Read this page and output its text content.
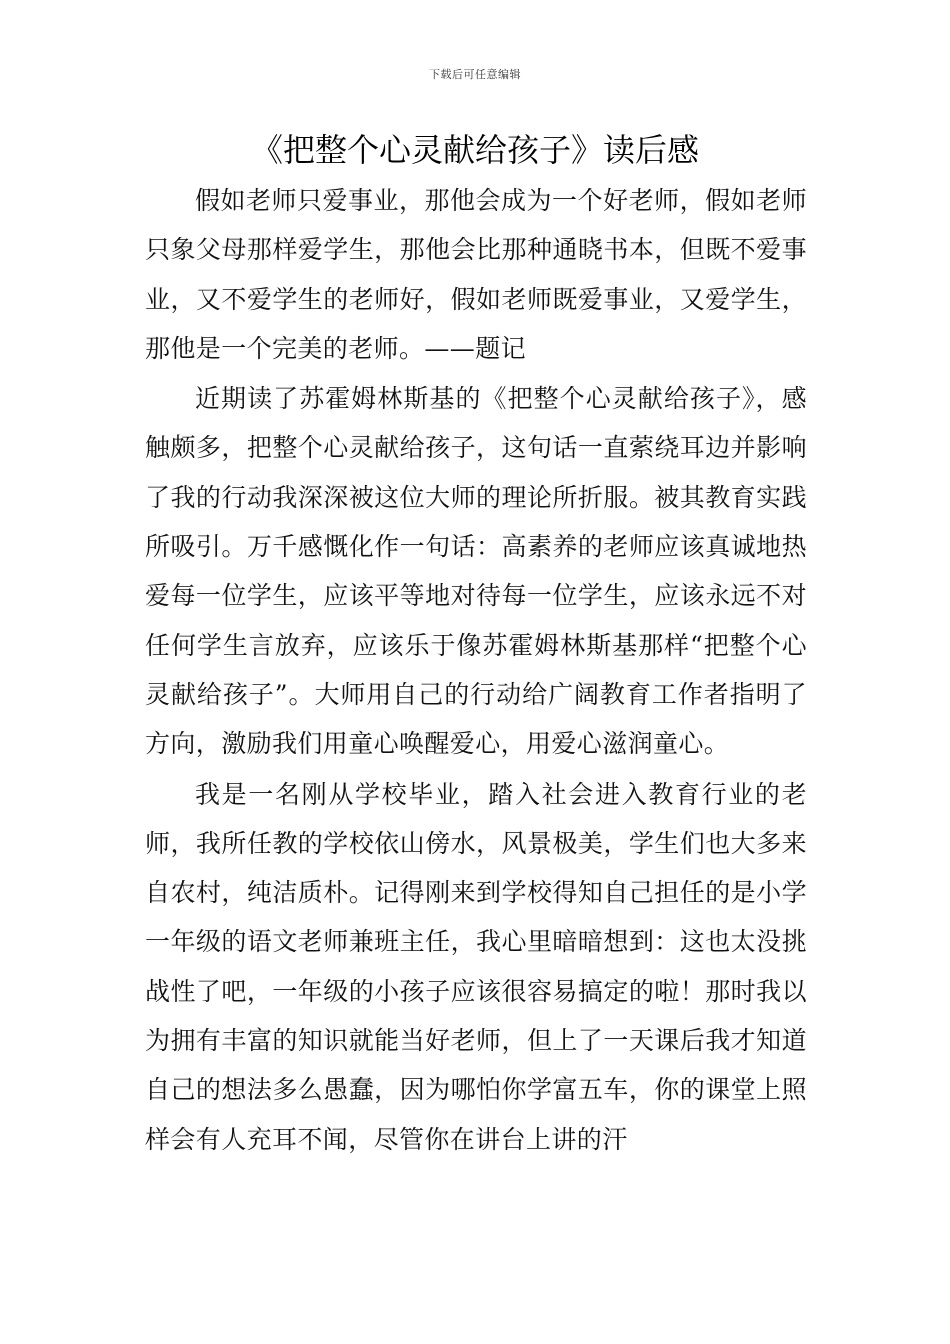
下载后可任意编辑
《把整个心灵献给孩子》读后感

假如老师只爱事业，那他会成为一个好老师，假如老师只象父母那样爱学生，那他会比那种通晓书本，但既不爱事业，又不爱学生的老师好，假如老师既爱事业，又爱学生，那他是一个完美的老师。——题记

近期读了苏霍姆林斯基的《把整个心灵献给孩子》，感触颇多，把整个心灵献给孩子，这句话一直萦绕耳边并影响了我的行动我深深被这位大师的理论所折服。被其教育实践所吸引。万千感慨化作一句话：高素养的老师应该真诚地热爱每一位学生，应该平等地对待每一位学生，应该永远不对任何学生言放弃，应该乐于像苏霍姆林斯基那样“把整个心灵献给孩子”。大师用自己的行动给广阔教育工作者指明了方向，激励我们用童心唤醒爱心，用爱心滋润童心。

我是一名刚从学校毕业，踏入社会进入教育行业的老师，我所任教的学校依山傍水，风景极美，学生们也大多来自农村，纯洁质朴。记得刚来到学校得知自己担任的是小学一年级的语文老师兼班主任，我心里暗暗想到：这也太没挑战性了吧，一年级的小孩子应该很容易搞定的啦！那时我以为拥有丰富的知识就能当好老师，但上了一天课后我才知道自己的想法多么愚蠢，因为哪怕你学富五车，你的课堂上照样会有人充耳不闻，尽管你在讲台上讲的汗
